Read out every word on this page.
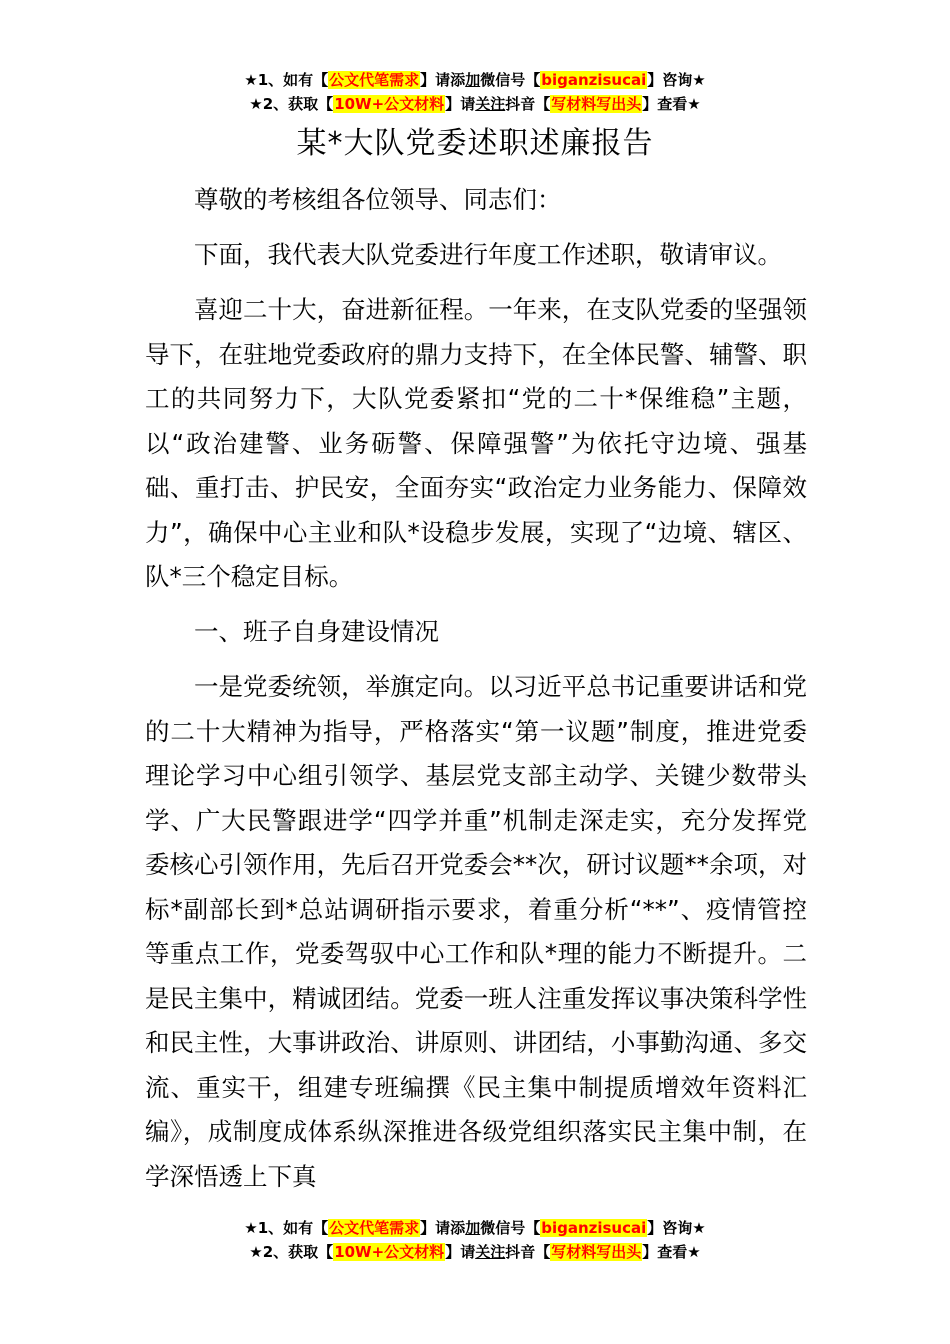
★1、如有【公文代笔需求】请添加微信号【biganzisucai】咨询★
★2、获取【10W+公文材料】请关注抖音【写材料写出头】查看★
某*大队党委述职述廉报告

尊敬的考核组各位领导、同志们：

下面，我代表大队党委进行年度工作述职，敬请审议。

喜迎二十大，奋进新征程。一年来，在支队党委的坚强领导下，在驻地党委政府的鼎力支持下，在全体民警、辅警、职工的共同努力下，大队党委紧扣“党的二十*保维稳”主题，以“政治建警、业务砺警、保障强警”为依托守边境、强基础、重打击、护民安，全面夯实“政治定力业务能力、保障效力”，确保中心主业和队*设稳步发展，实现了“边境、辖区、队*三个稳定目标。

一、班子自身建设情况

一是党委统领，举旗定向。以习近平总书记重要讲话和党的二十大精神为指导，严格落实“第一议题”制度，推进党委理论学习中心组引领学、基层党支部主动学、关键少数带头学、广大民警跟进学“四学并重”机制走深走实，充分发挥党委核心引领作用，先后召开党委会**次，研讨议题**余项，对标*副部长到*总站调研指示要求，着重分析“**”、疫情管控等重点工作，党委驾驭中心工作和队*理的能力不断提升。二是民主集中，精诚团结。党委一班人注重发挥议事决策科学性和民主性，大事讲政治、讲原则、讲团结，小事勤沟通、多交流、重实干，组建专班编撰《民主集中制提质增效年资料汇编》，成制度成体系纵深推进各级党组织落实民主集中制，在学深悟透上下真

★1、如有【公文代笔需求】请添加微信号【biganzisucai】咨询★
★2、获取【10W+公文材料】请关注抖音【写材料写出头】查看★
